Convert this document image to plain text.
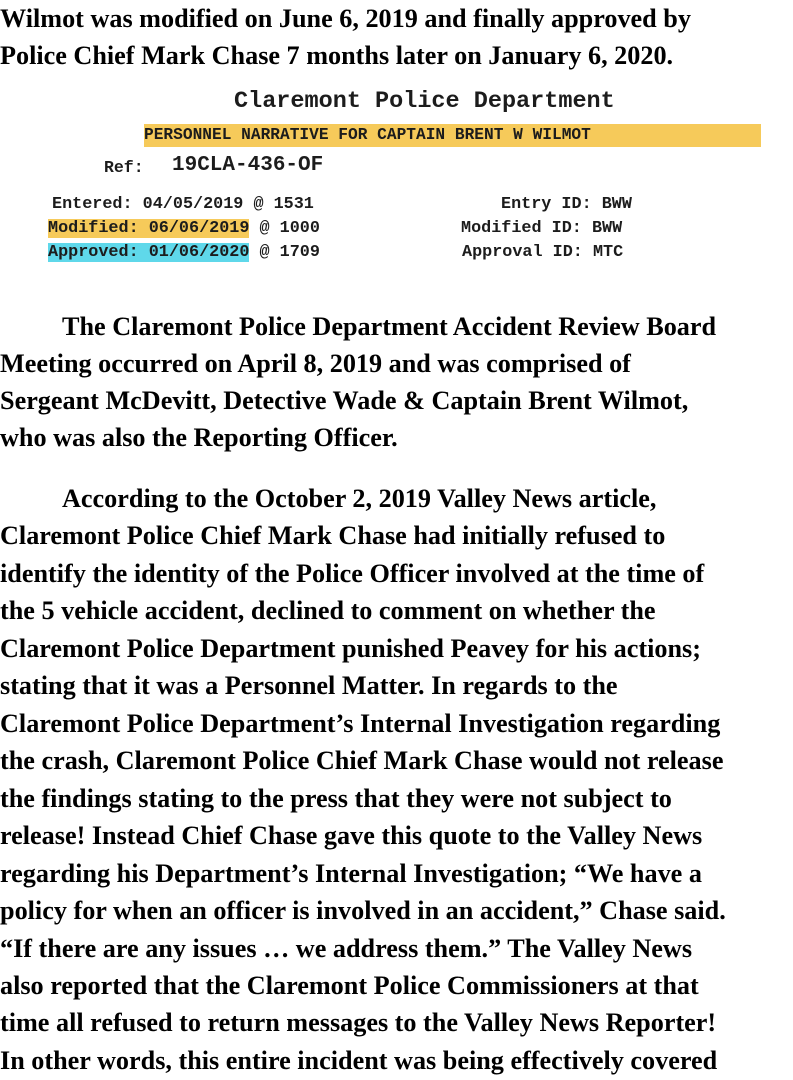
Wilmot was modified on June 6, 2019 and finally approved by
Police Chief Mark Chase 7 months later on January 6, 2020.
Claremont Police Department
PERSONNEL NARRATIVE FOR CAPTAIN BRENT W WILMOT
Ref: 19CLA-436-OF
Entered: 04/05/2019 @ 1531	Entry ID: BWW
Modified: 06/06/2019 @ 1000	Modified ID: BWW
Approved: 01/06/2020 @ 1709	Approval ID: MTC
The Claremont Police Department Accident Review Board
Meeting occurred on April 8, 2019 and was comprised of
Sergeant McDevitt, Detective Wade & Captain Brent Wilmot,
who was also the Reporting Officer.
According to the October 2, 2019 Valley News article,
Claremont Police Chief Mark Chase had initially refused to
identify the identity of the Police Officer involved at the time of
the 5 vehicle accident, declined to comment on whether the
Claremont Police Department punished Peavey for his actions;
stating that it was a Personnel Matter. In regards to the
Claremont Police Department’s Internal Investigation regarding
the crash, Claremont Police Chief Mark Chase would not release
the findings stating to the press that they were not subject to
release! Instead Chief Chase gave this quote to the Valley News
regarding his Department’s Internal Investigation; “We have a
policy for when an officer is involved in an accident,” Chase said.
“If there are any issues … we address them.” The Valley News
also reported that the Claremont Police Commissioners at that
time all refused to return messages to the Valley News Reporter!
In other words, this entire incident was being effectively covered
